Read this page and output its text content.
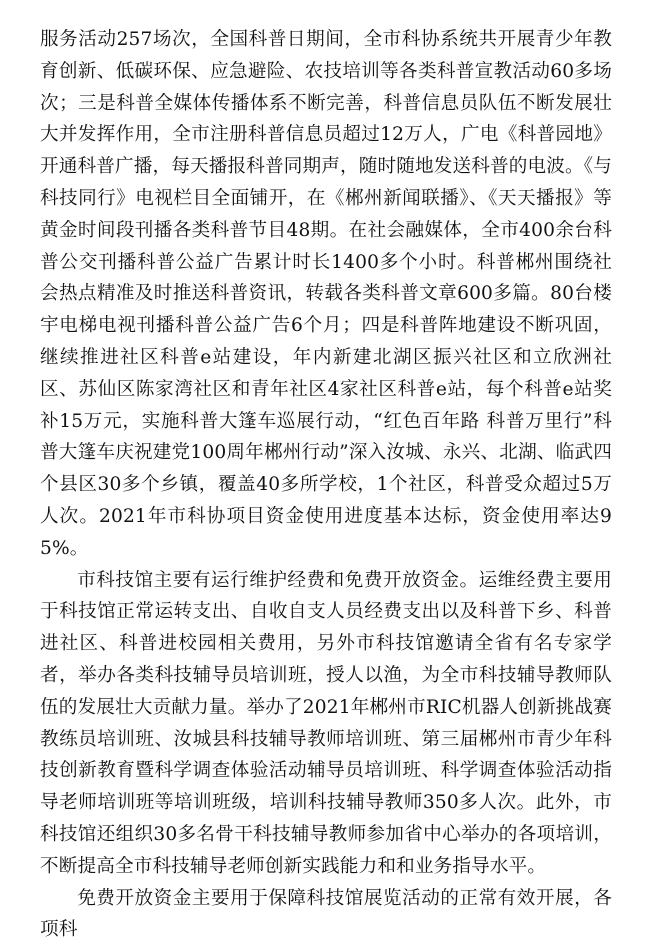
服务活动257场次，全国科普日期间，全市科协系统共开展青少年教育创新、低碳环保、应急避险、农技培训等各类科普宣教活动60多场次；三是科普全媒体传播体系不断完善，科普信息员队伍不断发展壮大并发挥作用，全市注册科普信息员超过12万人，广电《科普园地》开通科普广播，每天播报科普同期声，随时随地发送科普的电波。《与科技同行》电视栏目全面铺开，在《郴州新闻联播》、《天天播报》等黄金时间段刊播各类科普节目48期。在社会融媒体，全市400余台科普公交刊播科普公益广告累计时长1400多个小时。科普郴州围绕社会热点精准及时推送科普资讯，转载各类科普文章600多篇。80台楼宇电梯电视刊播科普公益广告6个月；四是科普阵地建设不断巩固，继续推进社区科普e站建设，年内新建北湖区振兴社区和立欣洲社区、苏仙区陈家湾社区和青年社区4家社区科普e站，每个科普e站奖补15万元，实施科普大篷车巡展行动，“红色百年路 科普万里行”科普大篷车庆祝建党100周年郴州行动”深入汝城、永兴、北湖、临武四个县区30多个乡镇，覆盖40多所学校，1个社区，科普受众超过5万人次。2021年市科协项目资金使用进度基本达标，资金使用率达95%。

市科技馆主要有运行维护经费和免费开放资金。运维经费主要用于科技馆正常运转支出、自收自支人员经费支出以及科普下乡、科普进社区、科普进校园相关费用，另外市科技馆邀请全省有名专家学者，举办各类科技辅导员培训班，授人以渔，为全市科技辅导教师队伍的发展壮大贡献力量。举办了2021年郴州市RIC机器人创新挑战赛教练员培训班、汝城县科技辅导教师培训班、第三届郴州市青少年科技创新教育暨科学调查体验活动辅导员培训班、科学调查体验活动指导老师培训班等培训班级，培训科技辅导教师350多人次。此外，市科技馆还组织30多名骨干科技辅导教师参加省中心举办的各项培训，不断提高全市科技辅导老师创新实践能力和和业务指导水平。

免费开放资金主要用于保障科技馆展览活动的正常有效开展，各项科
